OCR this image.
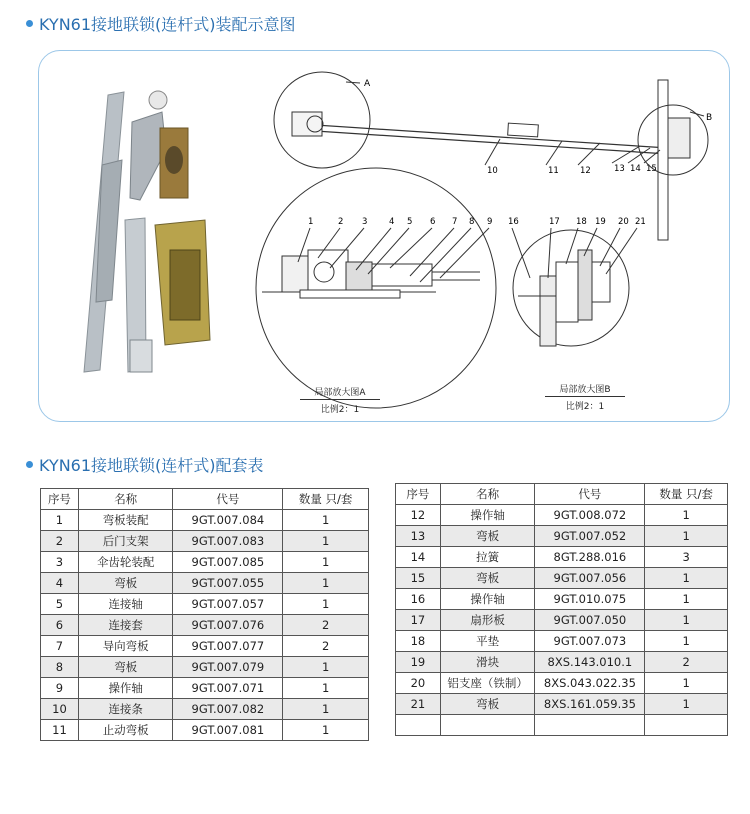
KYN61接地联锁(连杆式)装配示意图
A
B
10	11 12	13 14 15
1	2 3	4 5 6 7 8 9 16	17 18 19 20 21
局部放大图A
比例2：1
局部放大图B
比例2：1
KYN61接地联锁(连杆式)配套表
序号	名称	代号	数量 只/套
1	弯板装配	9GT.007.084	1
2	后门支架	9GT.007.083	1
3	伞齿轮装配	9GT.007.085	1
4	弯板	9GT.007.055	1
5	连接轴	9GT.007.057	1
6	连接套	9GT.007.076	2
7	导向弯板	9GT.007.077	2
8	弯板	9GT.007.079	1
9	操作轴	9GT.007.071	1
10	连接条	9GT.007.082	1
11	止动弯板	9GT.007.081	1
序号	名称	代号	数量 只/套
12	操作轴	9GT.008.072	1
13	弯板	9GT.007.052	1
14	拉簧	8GT.288.016	3
15	弯板	9GT.007.056	1
16	操作轴	9GT.010.075	1
17	扇形板	9GT.007.050	1
18	平垫	9GT.007.073	1
19	滑块	8XS.143.010.1	2
20	铝支座（铁制）	8XS.043.022.35	1
21	弯板	8XS.161.059.35	1
